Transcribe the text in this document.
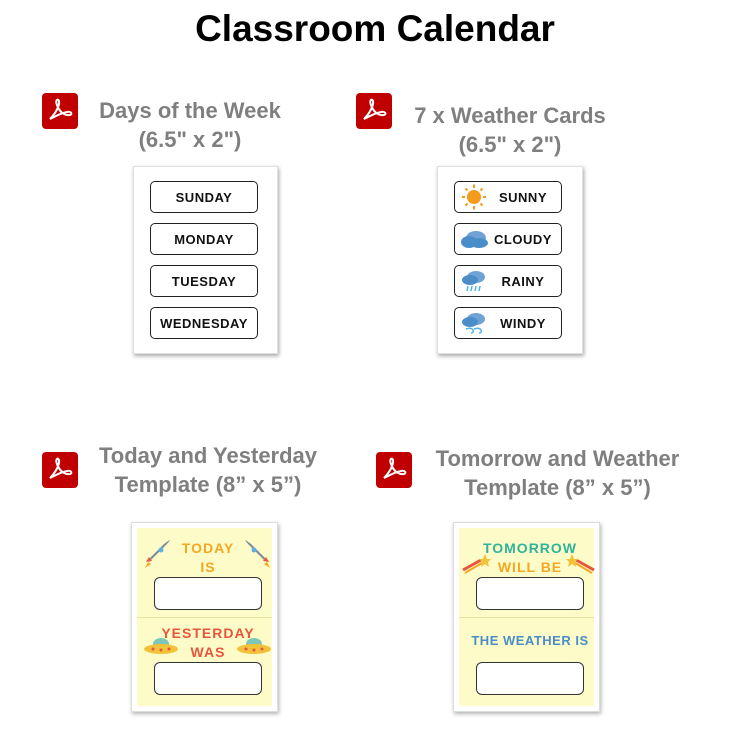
Classroom Calendar
Days of the Week
(6.5" x 2")
SUNDAY
MONDAY
TUESDAY
WEDNESDAY
7 x Weather Cards
(6.5" x 2")
SUNNY
CLOUDY
RAINY
WINDY
Today and Yesterday
Template (8” x 5”)
TODAY
IS
YESTERDAY
WAS
Tomorrow and Weather
Template (8” x 5”)
TOMORROW
WILL BE
THE WEATHER IS
